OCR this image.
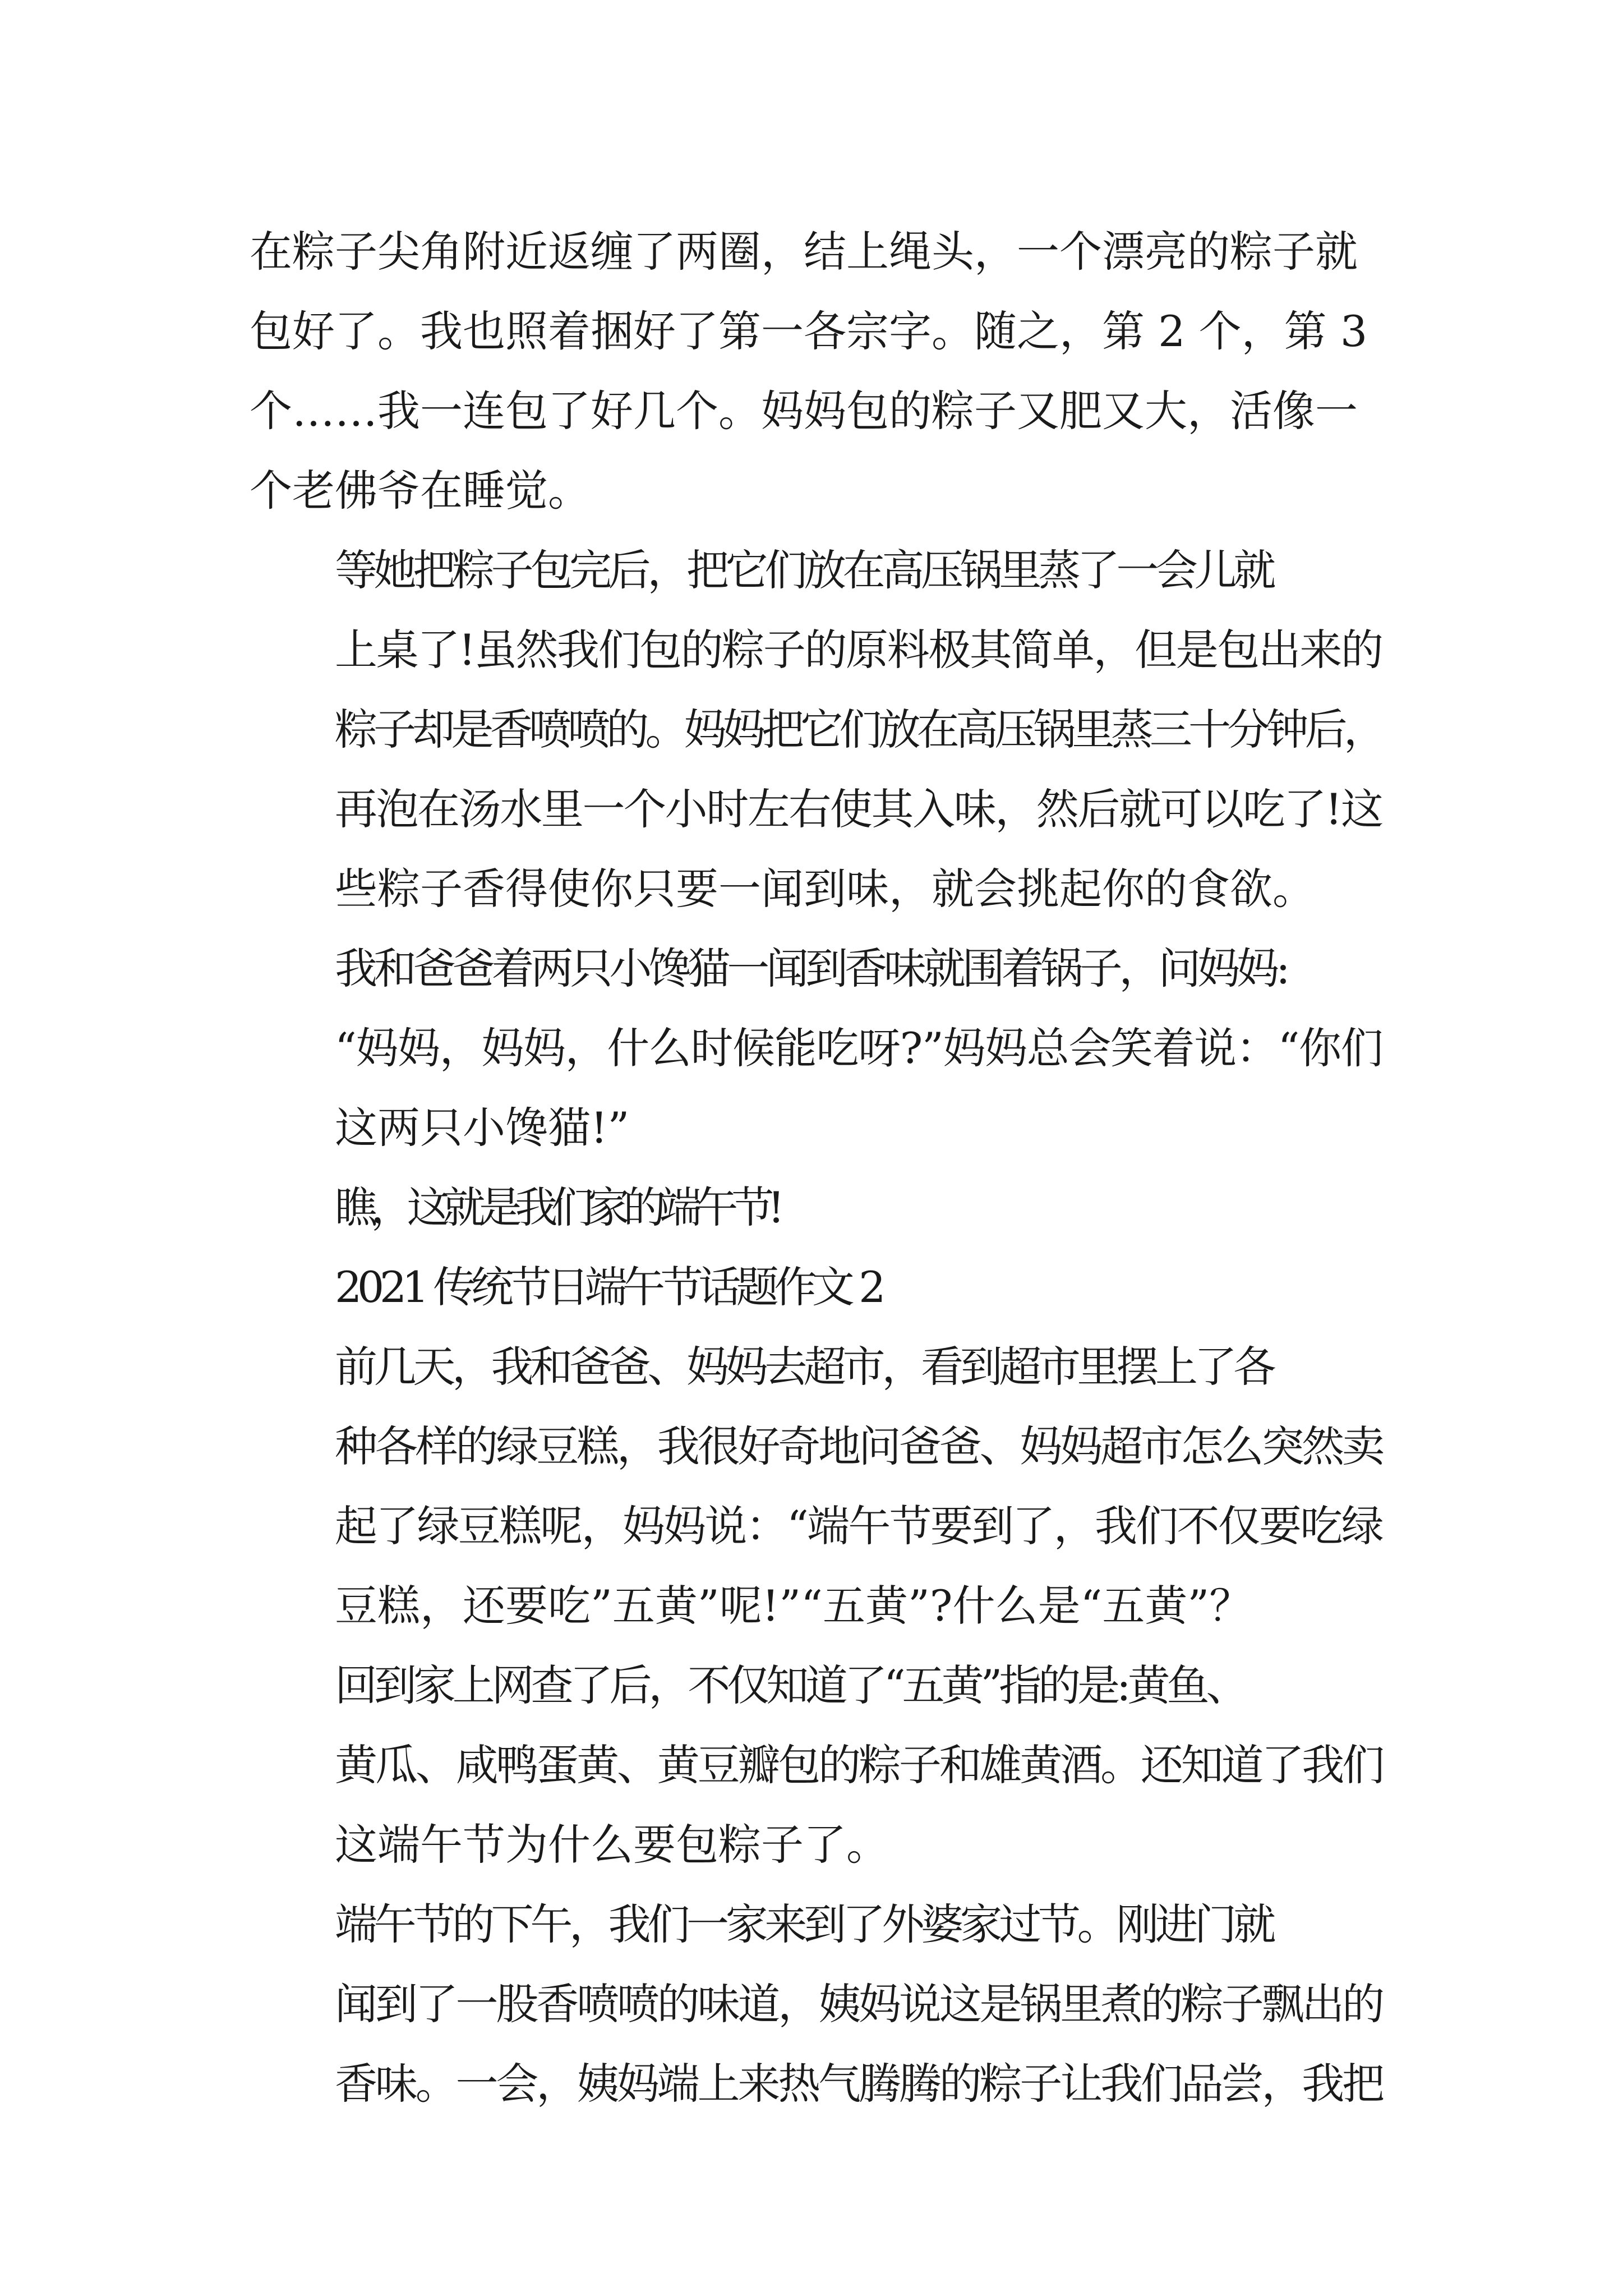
在粽子尖角附近返缠了两圈，结上绳头，一个漂亮的粽子就
包好了。我也照着捆好了第一各宗字。随之，第 2 个，第 3
个……我一连包了好几个。妈妈包的粽子又肥又大，活像一
个老佛爷在睡觉。
等她把粽子包完后，把它们放在高压锅里蒸了一会儿就
上桌了!虽然我们包的粽子的原料极其简单，但是包出来的
粽子却是香喷喷的。妈妈把它们放在高压锅里蒸三十分钟后，
再泡在汤水里一个小时左右使其入味，然后就可以吃了!这
些粽子香得使你只要一闻到味，就会挑起你的食欲。
我和爸爸着两只小馋猫一闻到香味就围着锅子，问妈妈:
“妈妈，妈妈，什么时候能吃呀?”妈妈总会笑着说：“你们
这两只小馋猫!”
瞧，这就是我们家的端午节!
2021 传统节日端午节话题作文 2
前几天，我和爸爸、妈妈去超市，看到超市里摆上了各
种各样的绿豆糕，我很好奇地问爸爸、妈妈超市怎么突然卖
起了绿豆糕呢，妈妈说：“端午节要到了，我们不仅要吃绿
豆糕，还要吃”五黄”呢!”“五黄”?什么是“五黄”？
回到家上网查了后，不仅知道了“五黄”指的是:黄鱼、
黄瓜、咸鸭蛋黄、黄豆瓣包的粽子和雄黄酒。还知道了我们
这端午节为什么要包粽子了。
端午节的下午，我们一家来到了外婆家过节。刚进门就
闻到了一股香喷喷的味道，姨妈说这是锅里煮的粽子飘出的
香味。一会，姨妈端上来热气腾腾的粽子让我们品尝，我把
